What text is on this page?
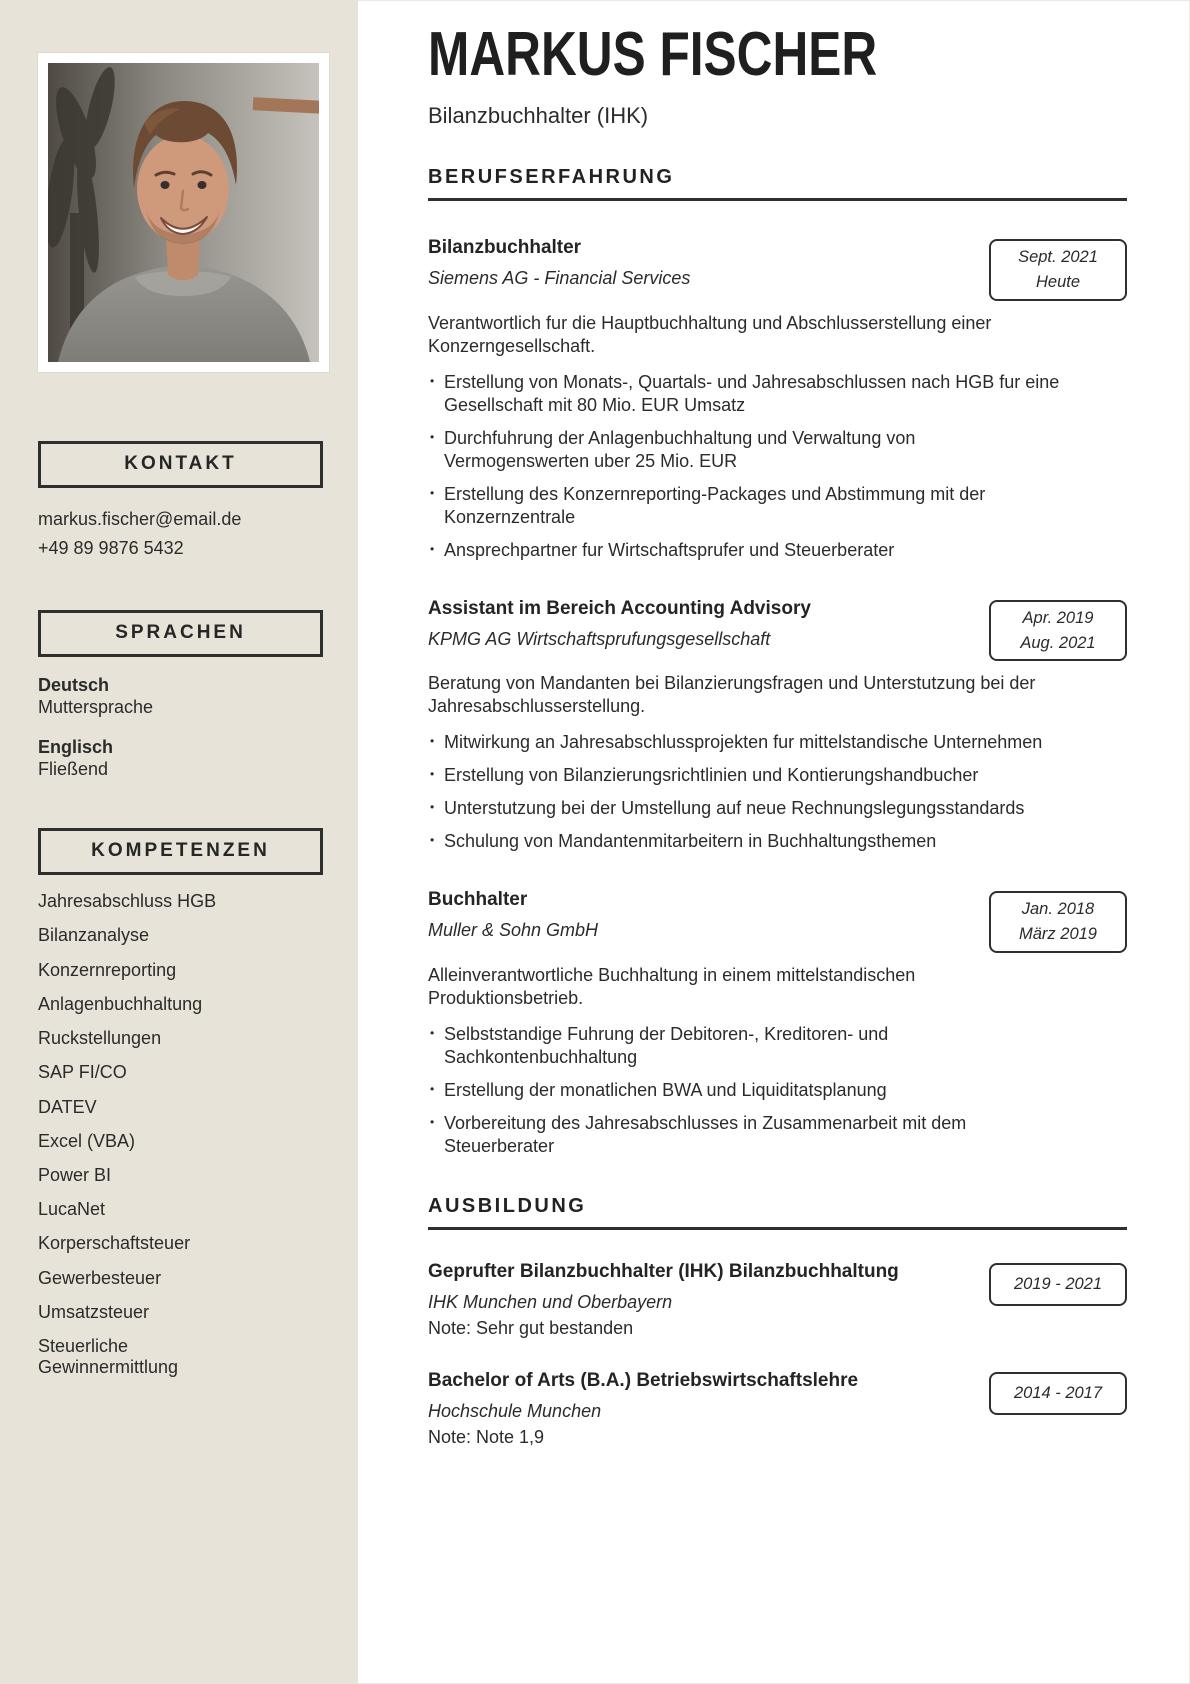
KONTAKT
markus.fischer@email.de
+49 89 9876 5432
SPRACHEN
Deutsch
Muttersprache
Englisch
Fließend
KOMPETENZEN
Jahresabschluss HGB
Bilanzanalyse
Konzernreporting
Anlagenbuchhaltung
Ruckstellungen
SAP FI/CO
DATEV
Excel (VBA)
Power BI
LucaNet
Korperschaftsteuer
Gewerbesteuer
Umsatzsteuer
Steuerliche Gewinnermittlung
MARKUS FISCHER

Bilanzbuchhalter (IHK)

BERUFSERFAHRUNG
Bilanzbuchhalter
Siemens AG - Financial Services
Sept. 2021
Heute

Verantwortlich fur die Hauptbuchhaltung und Abschlusserstellung einer Konzerngesellschaft.

• Erstellung von Monats-, Quartals- und Jahresabschlussen nach HGB fur eine Gesellschaft mit 80 Mio. EUR Umsatz
• Durchfuhrung der Anlagenbuchhaltung und Verwaltung von Vermogenswerten uber 25 Mio. EUR
• Erstellung des Konzernreporting-Packages und Abstimmung mit der Konzernzentrale
• Ansprechpartner fur Wirtschaftsprufer und Steuerberater
Assistant im Bereich Accounting Advisory
KPMG AG Wirtschaftsprufungsgesellschaft
Apr. 2019
Aug. 2021

Beratung von Mandanten bei Bilanzierungsfragen und Unterstutzung bei der Jahresabschlusserstellung.

• Mitwirkung an Jahresabschlussprojekten fur mittelstandische Unternehmen
• Erstellung von Bilanzierungsrichtlinien und Kontierungshandbucher
• Unterstutzung bei der Umstellung auf neue Rechnungslegungsstandards
• Schulung von Mandantenmitarbeitern in Buchhaltungsthemen
Buchhalter
Muller & Sohn GmbH
Jan. 2018
März 2019

Alleinverantwortliche Buchhaltung in einem mittelstandischen Produktionsbetrieb.

• Selbststandige Fuhrung der Debitoren-, Kreditoren- und Sachkontenbuchhaltung
• Erstellung der monatlichen BWA und Liquiditatsplanung
• Vorbereitung des Jahresabschlusses in Zusammenarbeit mit dem Steuerberater
AUSBILDUNG
Geprufter Bilanzbuchhalter (IHK) Bilanzbuchhaltung
IHK Munchen und Oberbayern
Note: Sehr gut bestanden
2019 - 2021
Bachelor of Arts (B.A.) Betriebswirtschaftslehre
Hochschule Munchen
Note: Note 1,9
2014 - 2017
